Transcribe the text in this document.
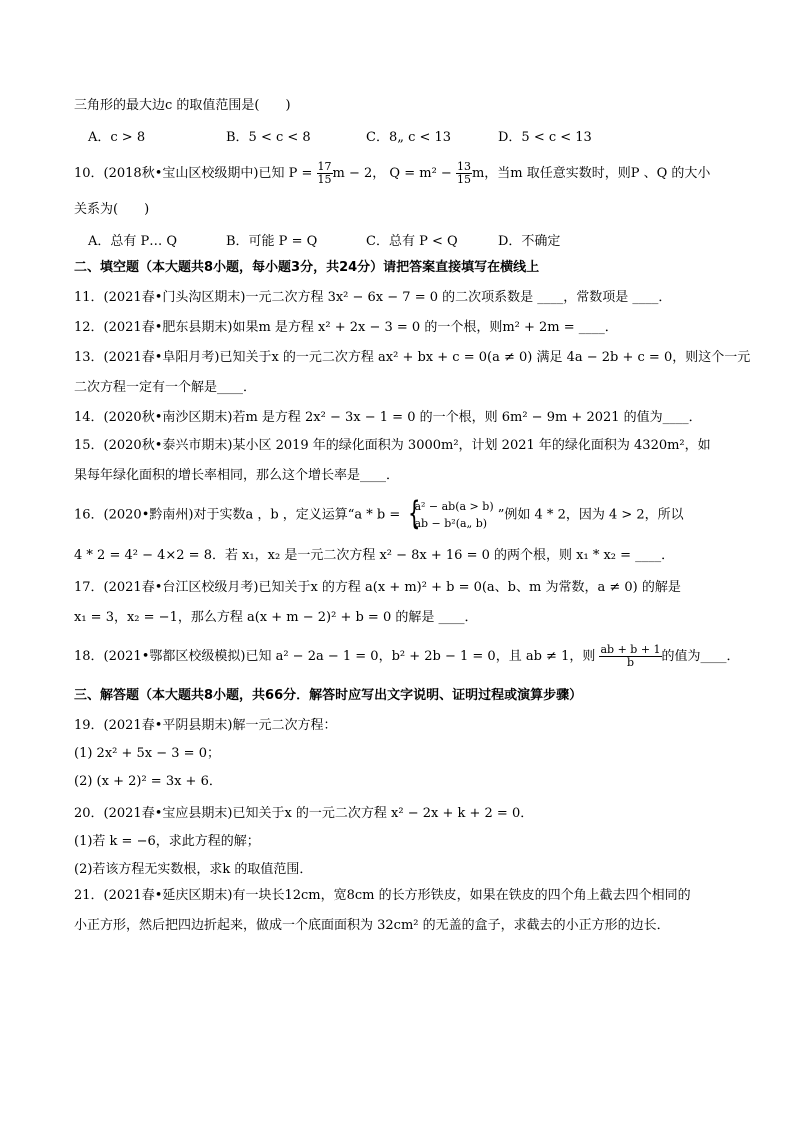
三角形的最大边c 的取值范围是(　　)
A．c > 8	B．5 < c < 8	C．8„ c < 13	D．5 < c < 13
10．(2018秋•宝山区校级期中)已知 $P = \frac{17}{15}$ m − 2， $Q = m^2 - \frac{13}{15}$ m，当m 取任意实数时，则P 、Q 的大小
关系为(　　)
A．总有 P… Q	B．可能 P = Q	C．总有 P < Q	D．不确定
二、填空题（本大题共8小题，每小题3分，共24分）请把答案直接填写在横线上
11．(2021春•门头沟区期末)一元二次方程 3x² − 6x − 7 = 0 的二次项系数是 ____，常数项是 ____．
12．(2021春•肥东县期末)如果m 是方程 x² + 2x − 3 = 0 的一个根，则m² + 2m = ____．
13．(2021春•阜阳月考)已知关于x 的一元二次方程 ax² + bx + c = 0(a ≠ 0) 满足 4a − 2b + c = 0，则这个一元
二次方程一定有一个解是____．
14．(2020秋•南沙区期末)若m 是方程 2x² − 3x − 1 = 0 的一个根，则 6m² − 9m + 2021 的值为____．
15．(2020秋•泰兴市期末)某小区 2019 年的绿化面积为 3000m²，计划 2021 年的绿化面积为 4320m²，如
果每年绿化面积的增长率相同，那么这个增长率是____．
16．(2020•黔南州)对于实数a ，b ，定义运算“a * b = {
a² − ab(a > b)
ab − b²(a„ b)
”例如 4 * 2，因为 4 > 2，所以
4 * 2 = 4² − 4×2 = 8．若 x₁，x₂ 是一元二次方程 x² − 8x + 16 = 0 的两个根，则 x₁ * x₂ = ____．
17．(2021春•台江区校级月考)已知关于x 的方程 a(x + m)² + b = 0(a、b、m 为常数，a ≠ 0) 的解是
x₁ = 3，x₂ = −1，那么方程 a(x + m − 2)² + b = 0 的解是 ____．
18．(2021•鄂都区校级模拟)已知 a² − 2a − 1 = 0，b² + 2b − 1 = 0，且 ab ≠ 1，则 $\frac{ab + b + 1}{b}$ 的值为____．
三、解答题（本大题共8小题，共66分．解答时应写出文字说明、证明过程或演算步骤）
19．(2021春•平阴县期末)解一元二次方程：
(1) 2x² + 5x − 3 = 0；
(2) (x + 2)² = 3x + 6．
20．(2021春•宝应县期末)已知关于x 的一元二次方程 x² − 2x + k + 2 = 0．
(1)若 k = −6，求此方程的解；
(2)若该方程无实数根，求k 的取值范围．
21．(2021春•延庆区期末)有一块长12cm，宽8cm 的长方形铁皮，如果在铁皮的四个角上截去四个相同的
小正方形，然后把四边折起来，做成一个底面面积为 32cm² 的无盖的盒子，求截去的小正方形的边长．
